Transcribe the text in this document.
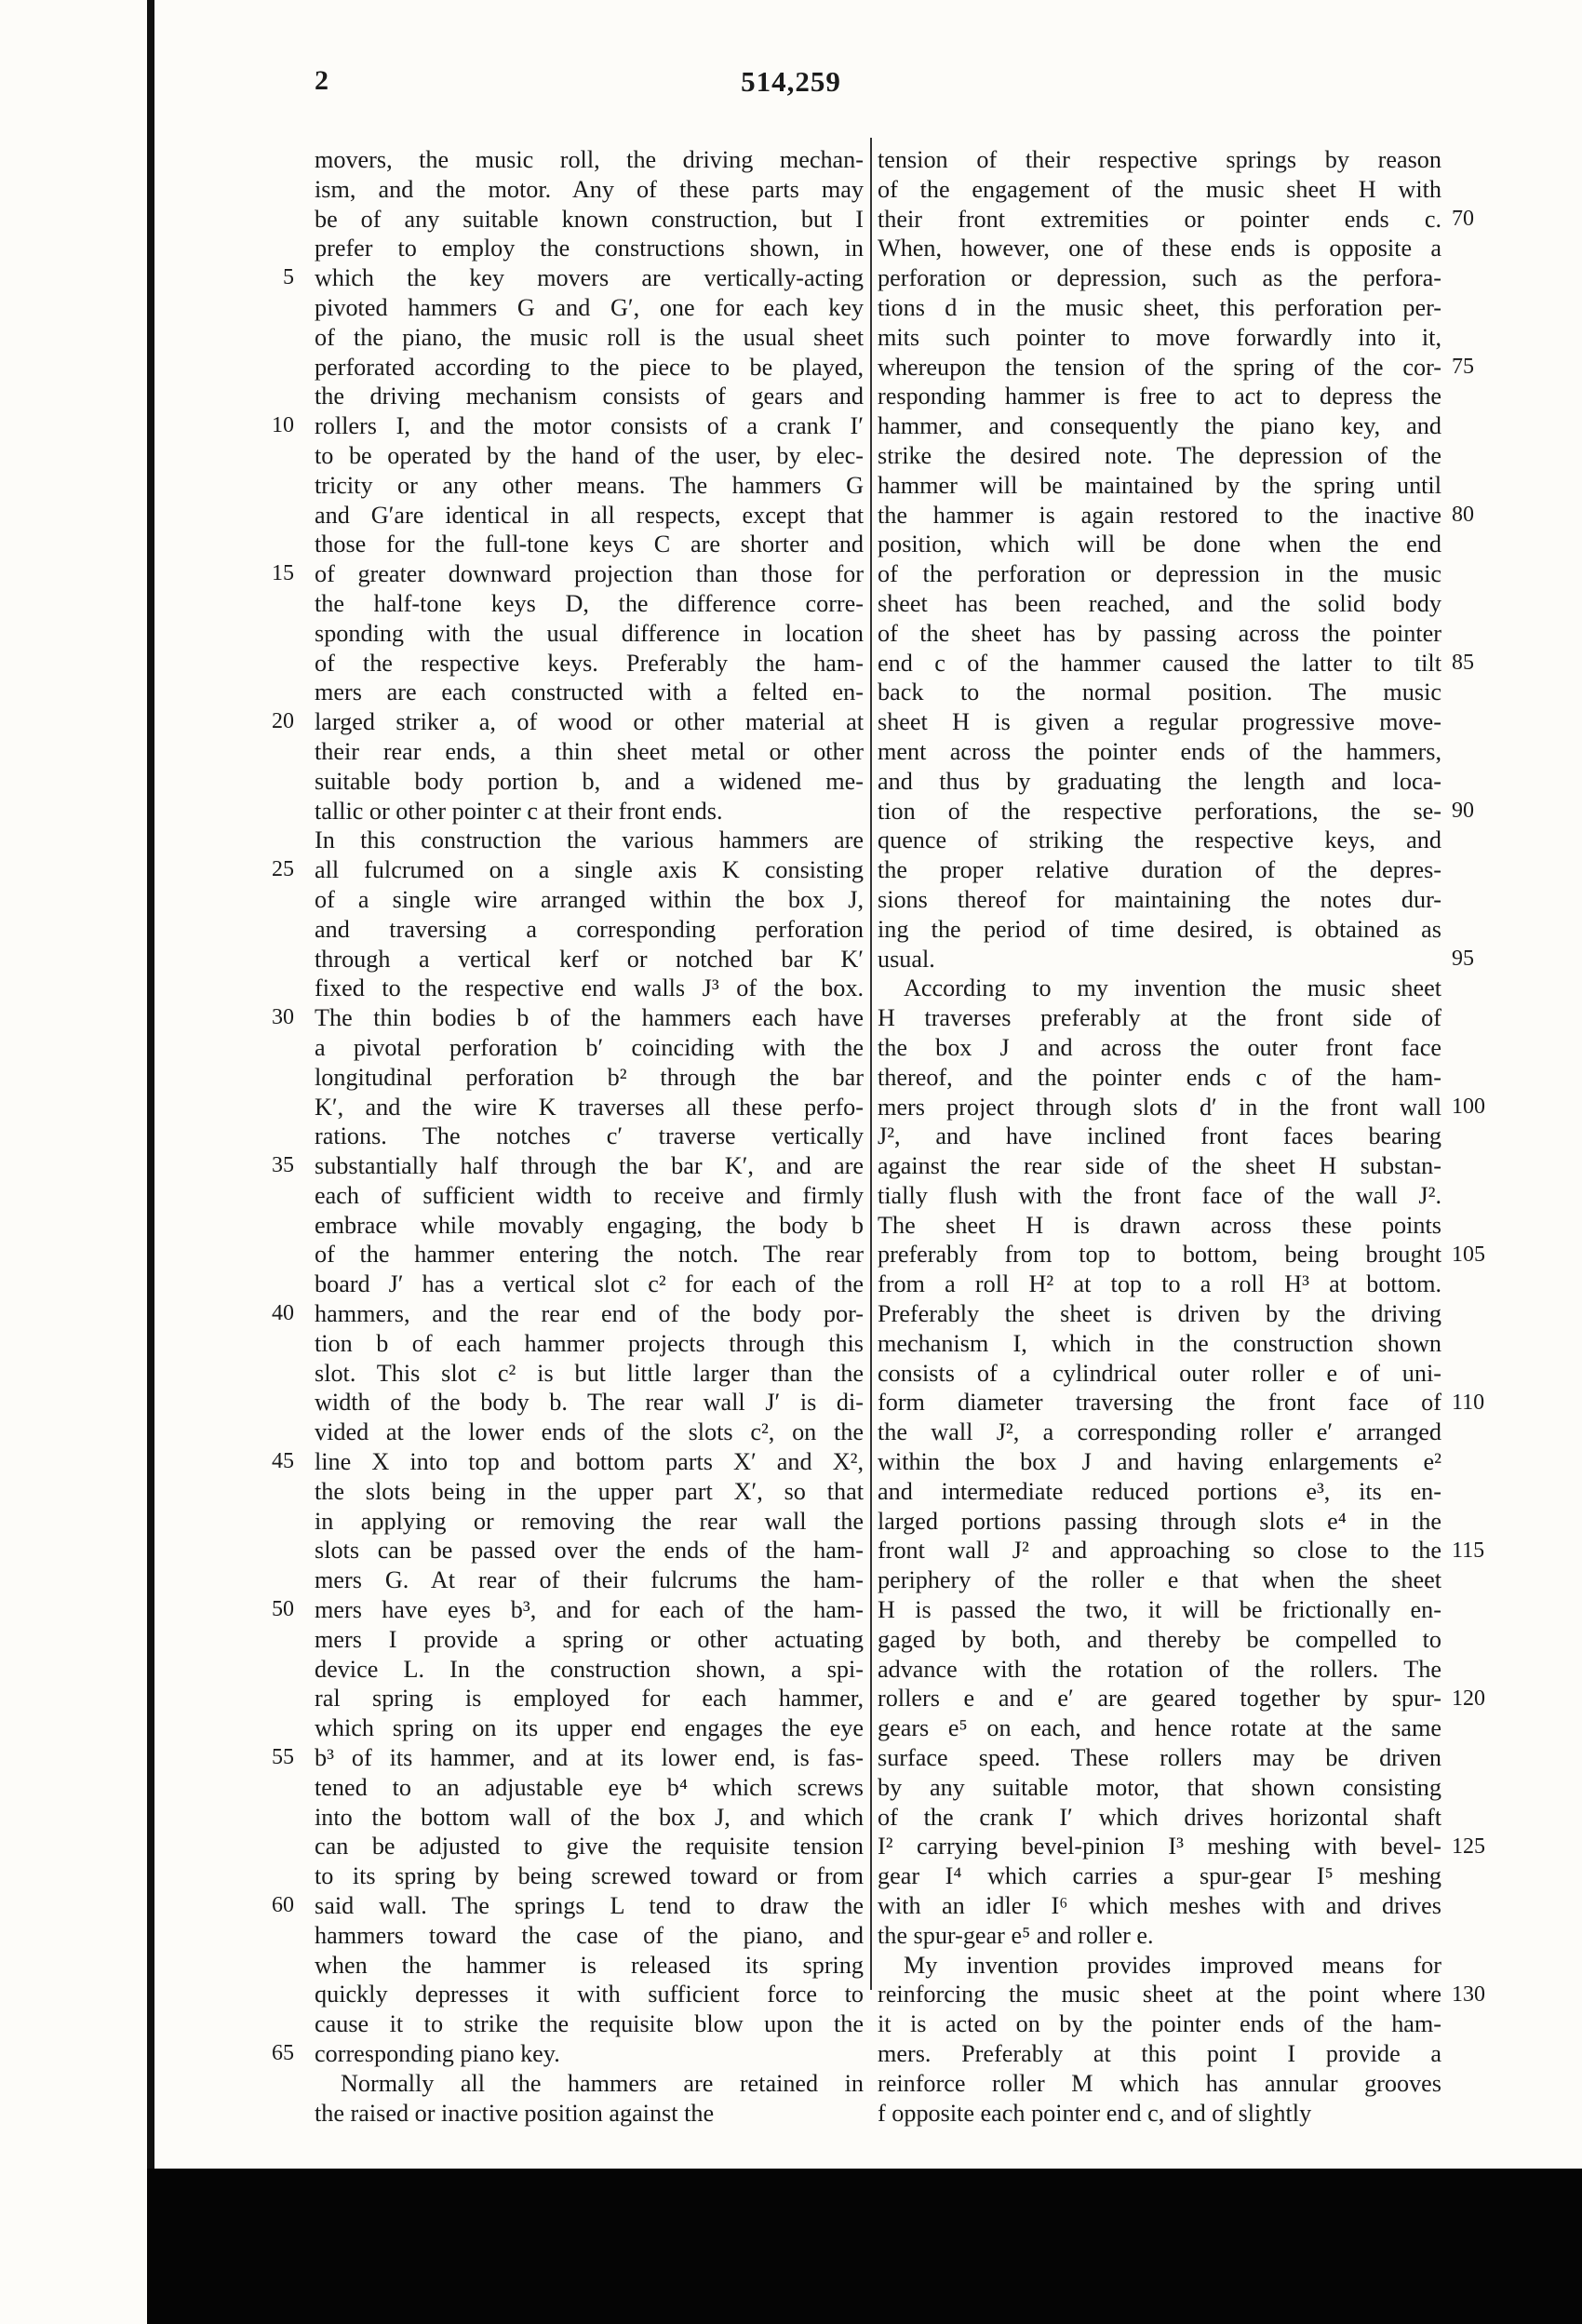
2	514,259
movers, the music roll, the driving mechan-
ism, and the motor. Any of these parts may
be of any suitable known construction, but I
prefer to employ the constructions shown, in
which the key movers are vertically-acting
pivoted hammers G and G′, one for each key
of the piano, the music roll is the usual sheet
perforated according to the piece to be played,
the driving mechanism consists of gears and
rollers I, and the motor consists of a crank I′
to be operated by the hand of the user, by elec-
tricity or any other means. The hammers G
and G′are identical in all respects, except that
those for the full-tone keys C are shorter and
of greater downward projection than those for
the half-tone keys D, the difference corre-
sponding with the usual difference in location
of the respective keys. Preferably the ham-
mers are each constructed with a felted en-
larged striker a, of wood or other material at
their rear ends, a thin sheet metal or other
suitable body portion b, and a widened me-
tallic or other pointer c at their front ends.
In this construction the various hammers are
all fulcrumed on a single axis K consisting
of a single wire arranged within the box J,
and traversing a corresponding perforation
through a vertical kerf or notched bar K′
fixed to the respective end walls J³ of the box.
The thin bodies b of the hammers each have
a pivotal perforation b′ coinciding with the
longitudinal perforation b² through the bar
K′, and the wire K traverses all these perfo-
rations. The notches c′ traverse vertically
substantially half through the bar K′, and are
each of sufficient width to receive and firmly
embrace while movably engaging, the body b
of the hammer entering the notch. The rear
board J′ has a vertical slot c² for each of the
hammers, and the rear end of the body por-
tion b of each hammer projects through this
slot. This slot c² is but little larger than the
width of the body b. The rear wall J′ is di-
vided at the lower ends of the slots c², on the
line X into top and bottom parts X′ and X²,
the slots being in the upper part X′, so that
in applying or removing the rear wall the
slots can be passed over the ends of the ham-
mers G. At rear of their fulcrums the ham-
mers have eyes b³, and for each of the ham-
mers I provide a spring or other actuating
device L. In the construction shown, a spi-
ral spring is employed for each hammer,
which spring on its upper end engages the eye
b³ of its hammer, and at its lower end, is fas-
tened to an adjustable eye b⁴ which screws
into the bottom wall of the box J, and which
can be adjusted to give the requisite tension
to its spring by being screwed toward or from
said wall. The springs L tend to draw the
hammers toward the case of the piano, and
when the hammer is released its spring
quickly depresses it with sufficient force to
cause it to strike the requisite blow upon the
corresponding piano key.
Normally all the hammers are retained in
the raised or inactive position against the
tension of their respective springs by reason
of the engagement of the music sheet H with
their front extremities or pointer ends c.
When, however, one of these ends is opposite a
perforation or depression, such as the perfora-
tions d in the music sheet, this perforation per-
mits such pointer to move forwardly into it,
whereupon the tension of the spring of the cor-
responding hammer is free to act to depress the
hammer, and consequently the piano key, and
strike the desired note. The depression of the
hammer will be maintained by the spring until
the hammer is again restored to the inactive
position, which will be done when the end
of the perforation or depression in the music
sheet has been reached, and the solid body
of the sheet has by passing across the pointer
end c of the hammer caused the latter to tilt
back to the normal position. The music
sheet H is given a regular progressive move-
ment across the pointer ends of the hammers,
and thus by graduating the length and loca-
tion of the respective perforations, the se-
quence of striking the respective keys, and
the proper relative duration of the depres-
sions thereof for maintaining the notes dur-
ing the period of time desired, is obtained as
usual.
According to my invention the music sheet
H traverses preferably at the front side of
the box J and across the outer front face
thereof, and the pointer ends c of the ham-
mers project through slots d′ in the front wall
J², and have inclined front faces bearing
against the rear side of the sheet H substan-
tially flush with the front face of the wall J².
The sheet H is drawn across these points
preferably from top to bottom, being brought
from a roll H² at top to a roll H³ at bottom.
Preferably the sheet is driven by the driving
mechanism I, which in the construction shown
consists of a cylindrical outer roller e of uni-
form diameter traversing the front face of
the wall J², a corresponding roller e′ arranged
within the box J and having enlargements e²
and intermediate reduced portions e³, its en-
larged portions passing through slots e⁴ in the
front wall J² and approaching so close to the
periphery of the roller e that when the sheet
H is passed the two, it will be frictionally en-
gaged by both, and thereby be compelled to
advance with the rotation of the rollers. The
rollers e and e′ are geared together by spur-
gears e⁵ on each, and hence rotate at the same
surface speed. These rollers may be driven
by any suitable motor, that shown consisting
of the crank I′ which drives horizontal shaft
I² carrying bevel-pinion I³ meshing with bevel-
gear I⁴ which carries a spur-gear I⁵ meshing
with an idler I⁶ which meshes with and drives
the spur-gear e⁵ and roller e.
My invention provides improved means for
reinforcing the music sheet at the point where
it is acted on by the pointer ends of the ham-
mers. Preferably at this point I provide a
reinforce roller M which has annular grooves
f opposite each pointer end c, and of slightly
5
10
15
20
25
30
35
40
45
50
55
60
65
70
75
80
85
90
95
100
105
110
115
120
125
130
